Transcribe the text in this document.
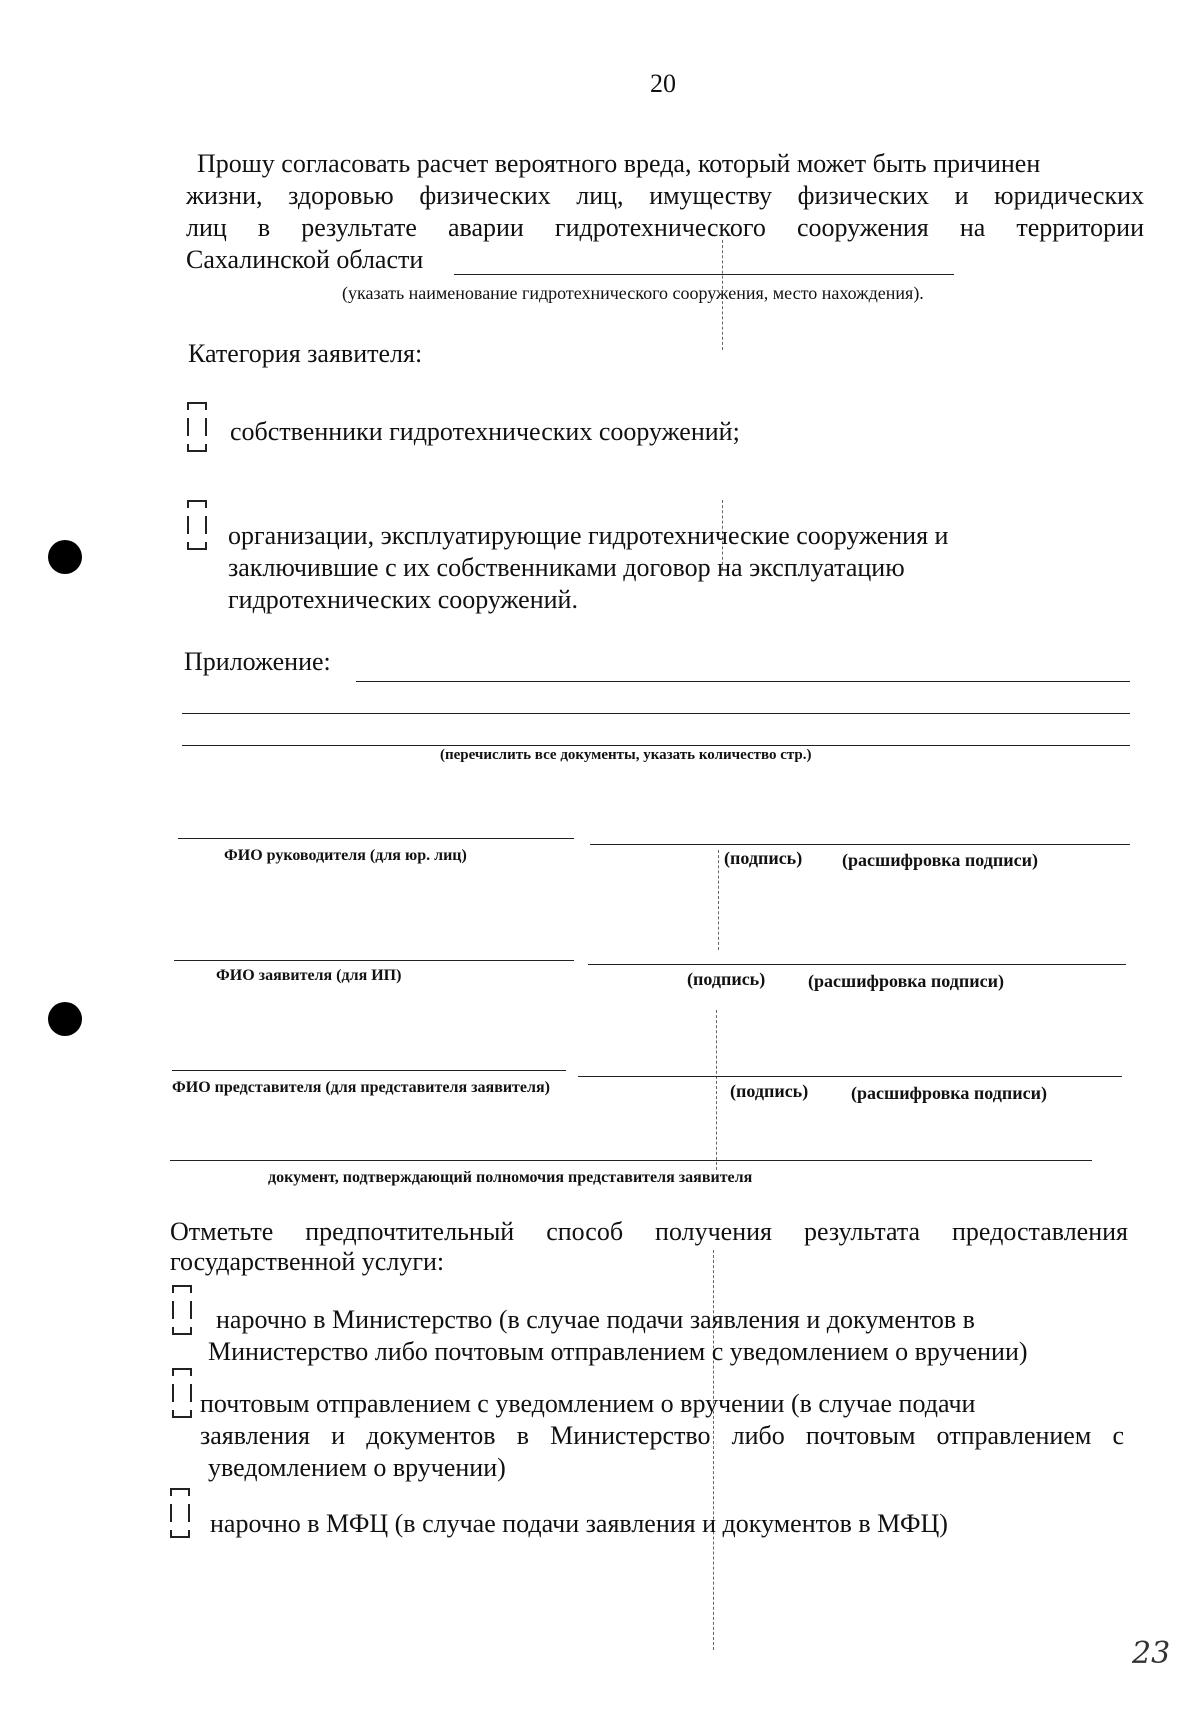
20
Прошу согласовать расчет вероятного вреда, который может быть причинен
жизни, здоровью физических лиц, имуществу физических и юридических
лиц в результате аварии гидротехнического сооружения на территории
Сахалинской области
(указать наименование гидротехнического сооружения, место нахождения).
Категория заявителя:
собственники гидротехнических сооружений;
организации, эксплуатирующие гидротехнические сооружения и
заключившие с их собственниками договор на эксплуатацию
гидротехнических сооружений.
Приложение:
(перечислить все документы, указать количество стр.)
ФИО руководителя (для юр. лиц)	(подпись) (расшифровка подписи)
ФИО заявителя (для ИП)	(подпись) (расшифровка подписи)
ФИО представителя (для представителя заявителя)	(подпись) (расшифровка подписи)
документ, подтверждающий полномочия представителя заявителя
Отметьте предпочтительный способ получения результата предоставления
государственной услуги:
нарочно в Министерство (в случае подачи заявления и документов в
Министерство либо почтовым отправлением с уведомлением о вручении)
почтовым отправлением с уведомлением о вручении (в случае подачи
заявления и документов в Министерство либо почтовым отправлением с
уведомлением о вручении)
нарочно в МФЦ (в случае подачи заявления и документов в МФЦ)
23
